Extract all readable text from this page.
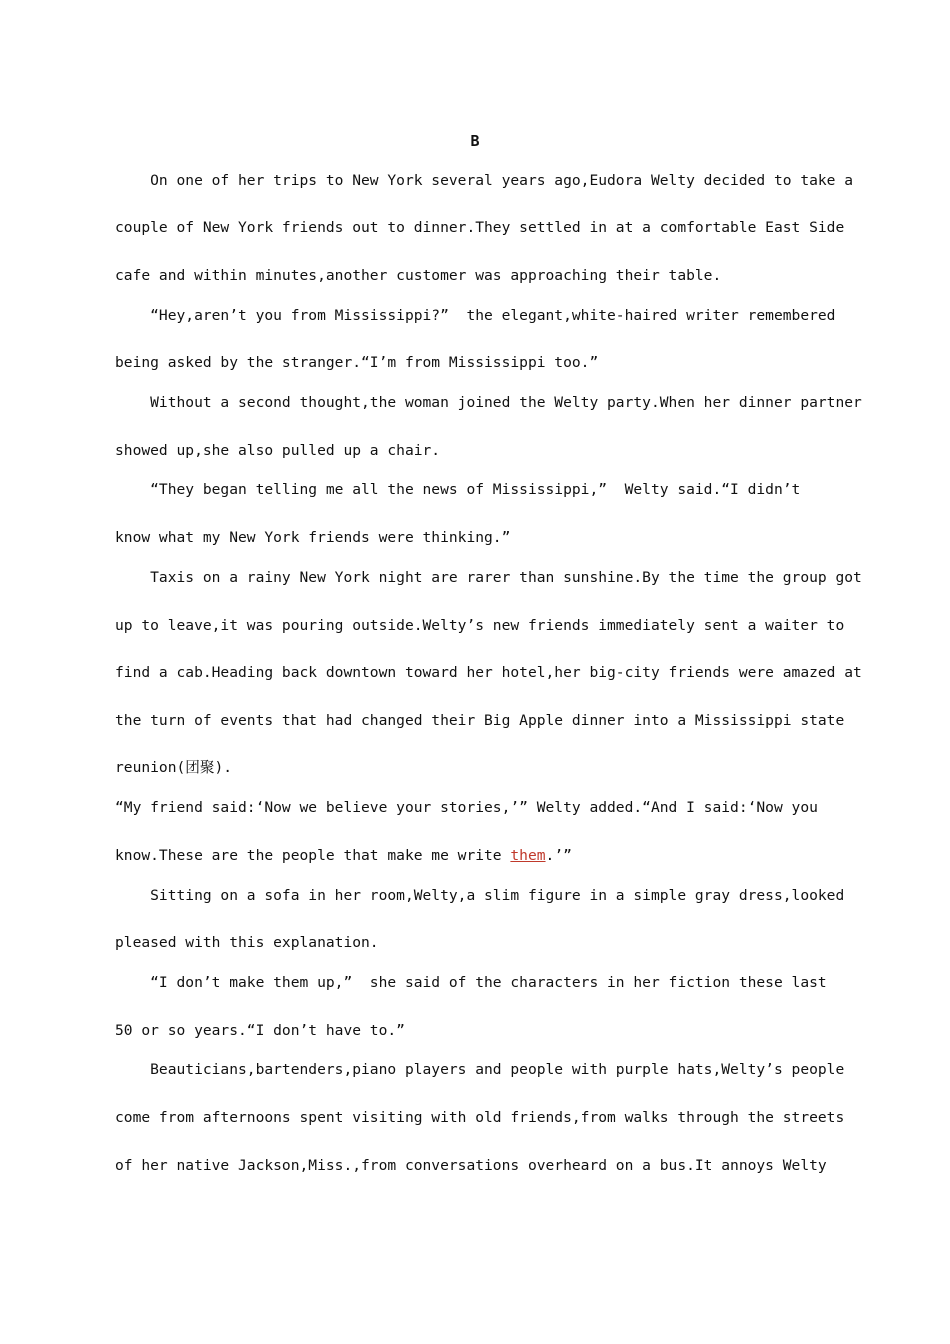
B
On one of her trips to New York several years ago,Eudora Welty decided to take a
couple of New York friends out to dinner.They settled in at a comfortable East Side
cafe and within minutes,another customer was approaching their table.
“Hey,aren’t you from Mississippi?”  the elegant,white-haired writer remembered
being asked by the stranger.“I’m from Mississippi too.”
Without a second thought,the woman joined the Welty party.When her dinner partner
showed up,she also pulled up a chair.
“They began telling me all the news of Mississippi,”  Welty said.“I didn’t
know what my New York friends were thinking.”
Taxis on a rainy New York night are rarer than sunshine.By the time the group got
up to leave,it was pouring outside.Welty’s new friends immediately sent a waiter to
find a cab.Heading back downtown toward her hotel,her big-city friends were amazed at
the turn of events that had changed their Big Apple dinner into a Mississippi state
reunion(团聚).
“My friend said:‘Now we believe your stories,’” Welty added.“And I said:‘Now you
know.These are the people that make me write them.’”
Sitting on a sofa in her room,Welty,a slim figure in a simple gray dress,looked
pleased with this explanation.
“I don’t make them up,”  she said of the characters in her fiction these last
50 or so years.“I don’t have to.”
Beauticians,bartenders,piano players and people with purple hats,Welty’s people
come from afternoons spent visiting with old friends,from walks through the streets
of her native Jackson,Miss.,from conversations overheard on a bus.It annoys Welty
